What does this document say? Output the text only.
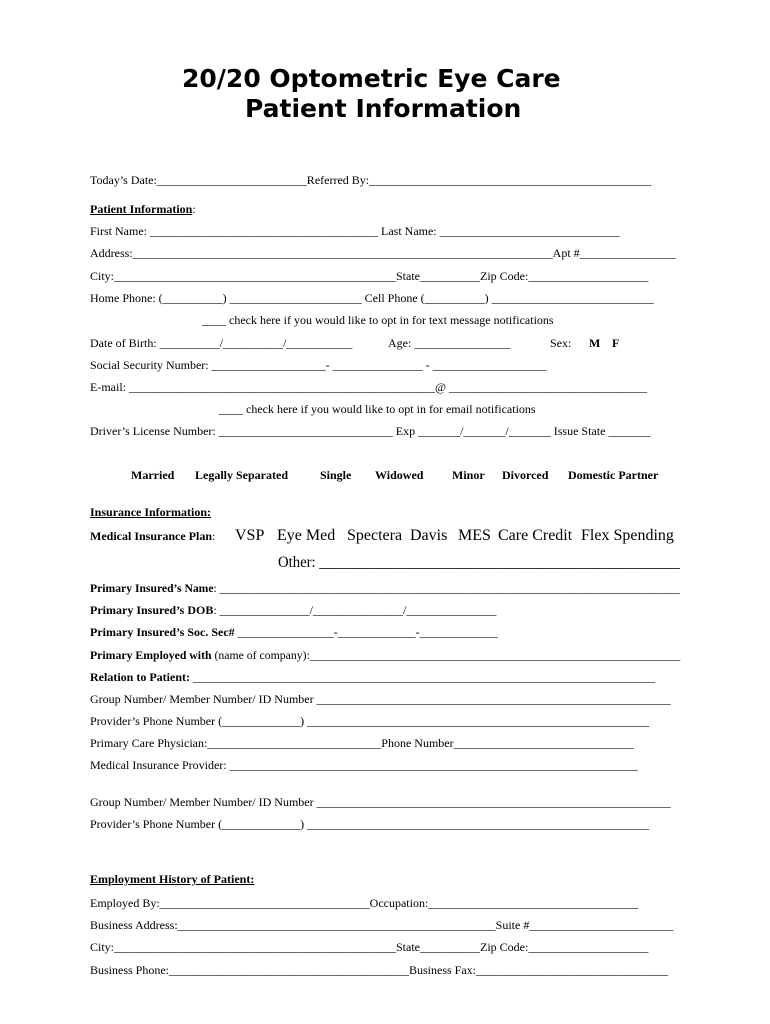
20/20 Optometric Eye Care
Patient Information
Today’s Date:_________________________Referred By:_______________________________________________
Patient Information:
First Name: ______________________________________ Last Name: ______________________________
Address:______________________________________________________________________Apt #________________
City:_______________________________________________State__________Zip Code:____________________
Home Phone: (__________) ______________________ Cell Phone (__________) ___________________________
____ check here if you would like to opt in for text message notifications
Date of Birth: __________/__________/___________	Age: ________________	Sex: M F
Social Security Number: ___________________- _______________ - ___________________
E-mail: ___________________________________________________@ _________________________________
____ check here if you would like to opt in for email notifications
Driver’s License Number: _____________________________ Exp _______/_______/_______ Issue State _______
Married Legally Separated	Single Widowed Minor Divorced Domestic Partner
Insurance Information:
Medical Insurance Plan: VSP Eye Med Spectera Davis MES Care Credit Flex Spending
Other: _________________________________________________
Primary Insured’s Name: _______________________________________________________________________________
Primary Insured’s DOB: _______________/_______________/_______________
Primary Insured’s Soc. Sec# ________________-_____________-_____________
Primary Employed with (name of company):_______________________________________________________________
Relation to Patient: _____________________________________________________________________________
Group Number/ Member Number/ ID Number ___________________________________________________________
Provider’s Phone Number (_____________) _________________________________________________________
Primary Care Physician:_____________________________Phone Number______________________________
Medical Insurance Provider: ____________________________________________________________________
Group Number/ Member Number/ ID Number ___________________________________________________________
Provider’s Phone Number (_____________) _________________________________________________________
Employment History of Patient:
Employed By:___________________________________Occupation:___________________________________
Business Address:_____________________________________________________Suite #________________________
City:_______________________________________________State__________Zip Code:____________________
Business Phone:________________________________________Business Fax:________________________________
